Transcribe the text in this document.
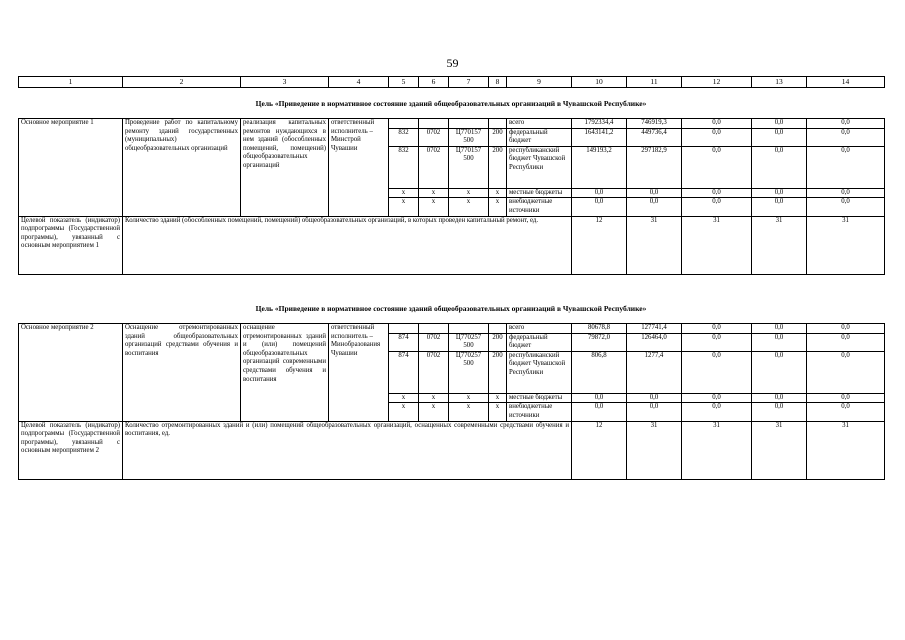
59
1	2	3	4	5	6	7	8	9	10	11	12	13	14
Цель «Приведение в нормативное состояние зданий общеобразовательных организаций в Чувашской Республике»
Основное мероприятие 1	Проведение работ по капитальному ремонту зданий государственных (муниципальных) общеобразовательных организаций	реализация капитальных ремонтов нуждающихся в нем зданий (обособленных помещений, помещений) общеобразовательных организаций	ответственный исполнитель – Минстрой Чувашии					всего	1792334,4	746919,3	0,0	0,0	0,0
				832	0702	Ц770157 500	200	федеральный бюджет	1643141,2	449736,4	0,0	0,0	0,0
				832	0702	Ц770157 500	200	республиканский бюджет Чувашской Республики	149193,2	297182,9	0,0	0,0	0,0
				x	x	x	x	местные бюджеты	0,0	0,0	0,0	0,0	0,0
				x	x	x	x	внебюджетные источники	0,0	0,0	0,0	0,0	0,0
Целевой показатель (индикатор) подпрограммы (Государственной программы), увязанный с основным мероприятием 1	Количество зданий (обособленных помещений, помещений) общеобразовательных организаций, в которых проведен капитальный ремонт, ед.								12	31	31	31	31
Цель «Приведение в нормативное состояние зданий общеобразовательных организаций в Чувашской Республике»
Основное мероприятие 2	Оснащение отремонтированных зданий общеобразовательных организаций средствами обучения и воспитания	оснащение отремонтированных зданий и (или) помещений общеобразовательных организаций современными средствами обучения и воспитания	ответственный исполнитель – Минобразования Чувашии					всего	80678,8	127741,4	0,0	0,0	0,0
				874	0702	Ц770257 500	200	федеральный бюджет	79872,0	126464,0	0,0	0,0	0,0
				874	0702	Ц770257 500	200	республиканский бюджет Чувашской Республики	806,8	1277,4	0,0	0,0	0,0
				x	x	x	x	местные бюджеты	0,0	0,0	0,0	0,0	0,0
				x	x	x	x	внебюджетные источники	0,0	0,0	0,0	0,0	0,0
Целевой показатель (индикатор) подпрограммы (Государственной программы), увязанный с основным мероприятием 2	Количество отремонтированных зданий и (или) помещений общеобразовательных организаций, оснащенных современными средствами обучения и воспитания, ед.								12	31	31	31	31
